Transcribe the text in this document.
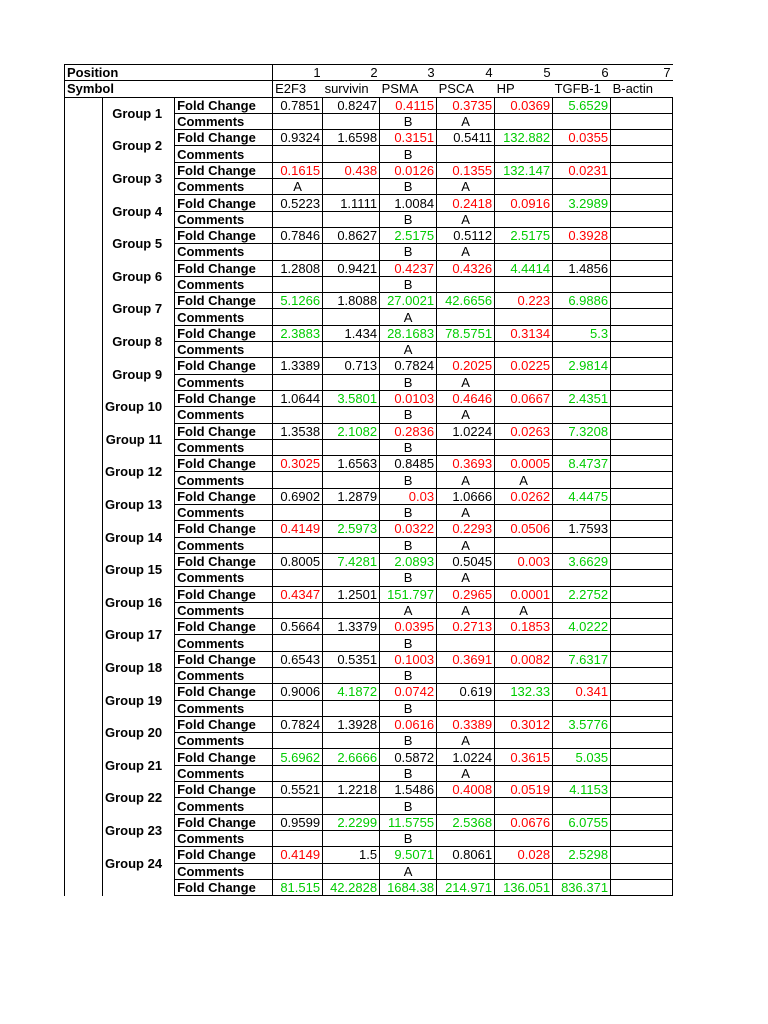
Position			1	2	3	4	5	6	7
Symbol			E2F3	survivin	PSMA	PSCA	HP	TGFB-1	B-actin
	Group 1	Fold Change	0.7851	0.8247	0.4115	0.3735	0.0369	5.6529	
		Comments			B	A			
	Group 2	Fold Change	0.9324	1.6598	0.3151	0.5411	132.882	0.0355	
		Comments			B				
	Group 3	Fold Change	0.1615	0.438	0.0126	0.1355	132.147	0.0231	
		Comments	A		B	A			
	Group 4	Fold Change	0.5223	1.1111	1.0084	0.2418	0.0916	3.2989	
		Comments			B	A			
	Group 5	Fold Change	0.7846	0.8627	2.5175	0.5112	2.5175	0.3928	
		Comments			B	A			
	Group 6	Fold Change	1.2808	0.9421	0.4237	0.4326	4.4414	1.4856	
		Comments			B				
	Group 7	Fold Change	5.1266	1.8088	27.0021	42.6656	0.223	6.9886	
		Comments			A				
	Group 8	Fold Change	2.3883	1.434	28.1683	78.5751	0.3134	5.3	
		Comments			A				
	Group 9	Fold Change	1.3389	0.713	0.7824	0.2025	0.0225	2.9814	
		Comments			B	A			
	Group 10	Fold Change	1.0644	3.5801	0.0103	0.4646	0.0667	2.4351	
		Comments			B	A			
	Group 11	Fold Change	1.3538	2.1082	0.2836	1.0224	0.0263	7.3208	
		Comments			B				
	Group 12	Fold Change	0.3025	1.6563	0.8485	0.3693	0.0005	8.4737	
		Comments			B	A	A		
	Group 13	Fold Change	0.6902	1.2879	0.03	1.0666	0.0262	4.4475	
		Comments			B	A			
	Group 14	Fold Change	0.4149	2.5973	0.0322	0.2293	0.0506	1.7593	
		Comments			B	A			
	Group 15	Fold Change	0.8005	7.4281	2.0893	0.5045	0.003	3.6629	
		Comments			B	A			
	Group 16	Fold Change	0.4347	1.2501	151.797	0.2965	0.0001	2.2752	
		Comments			A	A	A		
	Group 17	Fold Change	0.5664	1.3379	0.0395	0.2713	0.1853	4.0222	
		Comments			B				
	Group 18	Fold Change	0.6543	0.5351	0.1003	0.3691	0.0082	7.6317	
		Comments			B				
	Group 19	Fold Change	0.9006	4.1872	0.0742	0.619	132.33	0.341	
		Comments			B				
	Group 20	Fold Change	0.7824	1.3928	0.0616	0.3389	0.3012	3.5776	
		Comments			B	A			
	Group 21	Fold Change	5.6962	2.6666	0.5872	1.0224	0.3615	5.035	
		Comments			B	A			
	Group 22	Fold Change	0.5521	1.2218	1.5486	0.4008	0.0519	4.1153	
		Comments			B				
	Group 23	Fold Change	0.9599	2.2299	11.5755	2.5368	0.0676	6.0755	
		Comments			B				
	Group 24	Fold Change	0.4149	1.5	9.5071	0.8061	0.028	2.5298	
		Comments			A				
		Fold Change	81.515	42.2828	1684.38	214.971	136.051	836.371	
